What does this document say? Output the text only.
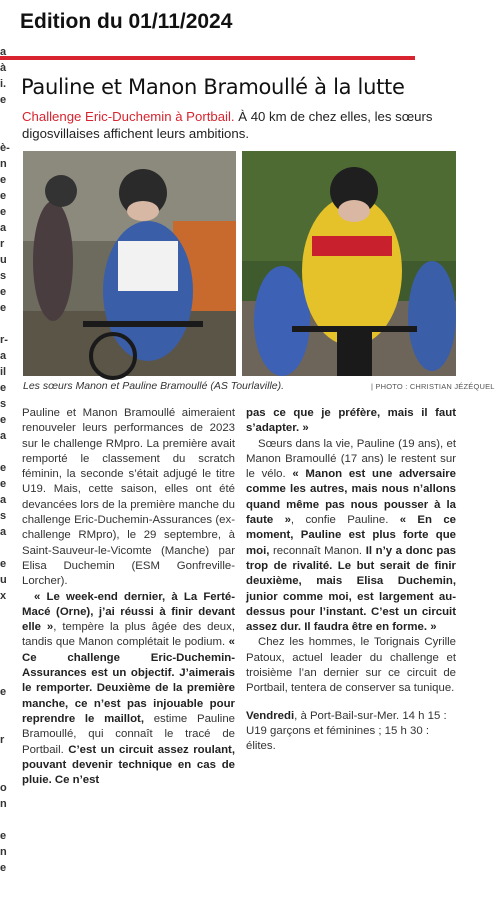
Edition du 01/11/2024
a
à
i.
e

è-
n
e
e
e
a
r
u
s
e
e

r-
a
il
e
s
e
a

e
e
a
s
a

e
u
x

e

r

o
n

e
n
e

Pauline et Manon Bramoullé à la lutte
Challenge Eric-Duchemin à Portbail. À 40 km de chez elles, les sœurs digosvillaises affichent leurs ambitions.
Les sœurs Manon et Pauline Bramoullé (AS Tourlaville).	| PHOTO : CHRISTIAN JÉZÉQUEL

Pauline et Manon Bramoullé aimeraient renouveler leurs performances de 2023 sur le challenge RMpro. La première avait remporté le classement du scratch féminin, la seconde s’était adjugé le titre U19. Mais, cette saison, elles ont été devancées lors de la première manche du challenge Eric-Duchemin-Assurances (ex-challenge RMpro), le 29 septembre, à Saint-Sauveur-le-Vicomte (Manche) par Elisa Duchemin (ESM Gonfreville-Lorcher).

« Le week-end dernier, à La Ferté-Macé (Orne), j’ai réussi à finir devant elle », tempère la plus âgée des deux, tandis que Manon complétait le podium. « Ce challenge Eric-Duchemin-Assurances est un objectif. J’aimerais le remporter. Deuxième de la première manche, ce n’est pas injouable pour reprendre le maillot, estime Pauline Bramoullé, qui connaît le tracé de Portbail. C’est un circuit assez roulant, pouvant devenir technique en cas de pluie. Ce n’est

pas ce que je préfère, mais il faut s’adapter. »

Sœurs dans la vie, Pauline (19 ans), et Manon Bramoullé (17 ans) le restent sur le vélo. « Manon est une adversaire comme les autres, mais nous n’allons quand même pas nous pousser à la faute », confie Pauline. « En ce moment, Pauline est plus forte que moi, reconnaît Manon. Il n’y a donc pas trop de rivalité. Le but serait de finir deuxième, mais Elisa Duchemin, junior comme moi, est largement au-dessus pour l’instant. C’est un circuit assez dur. Il faudra être en forme. »

Chez les hommes, le Torignais Cyrille Patoux, actuel leader du challenge et troisième l’an dernier sur ce circuit de Portbail, tentera de conserver sa tunique.

Vendredi, à Port-Bail-sur-Mer. 14 h 15 : U19 garçons et féminines ; 15 h 30 : élites.
